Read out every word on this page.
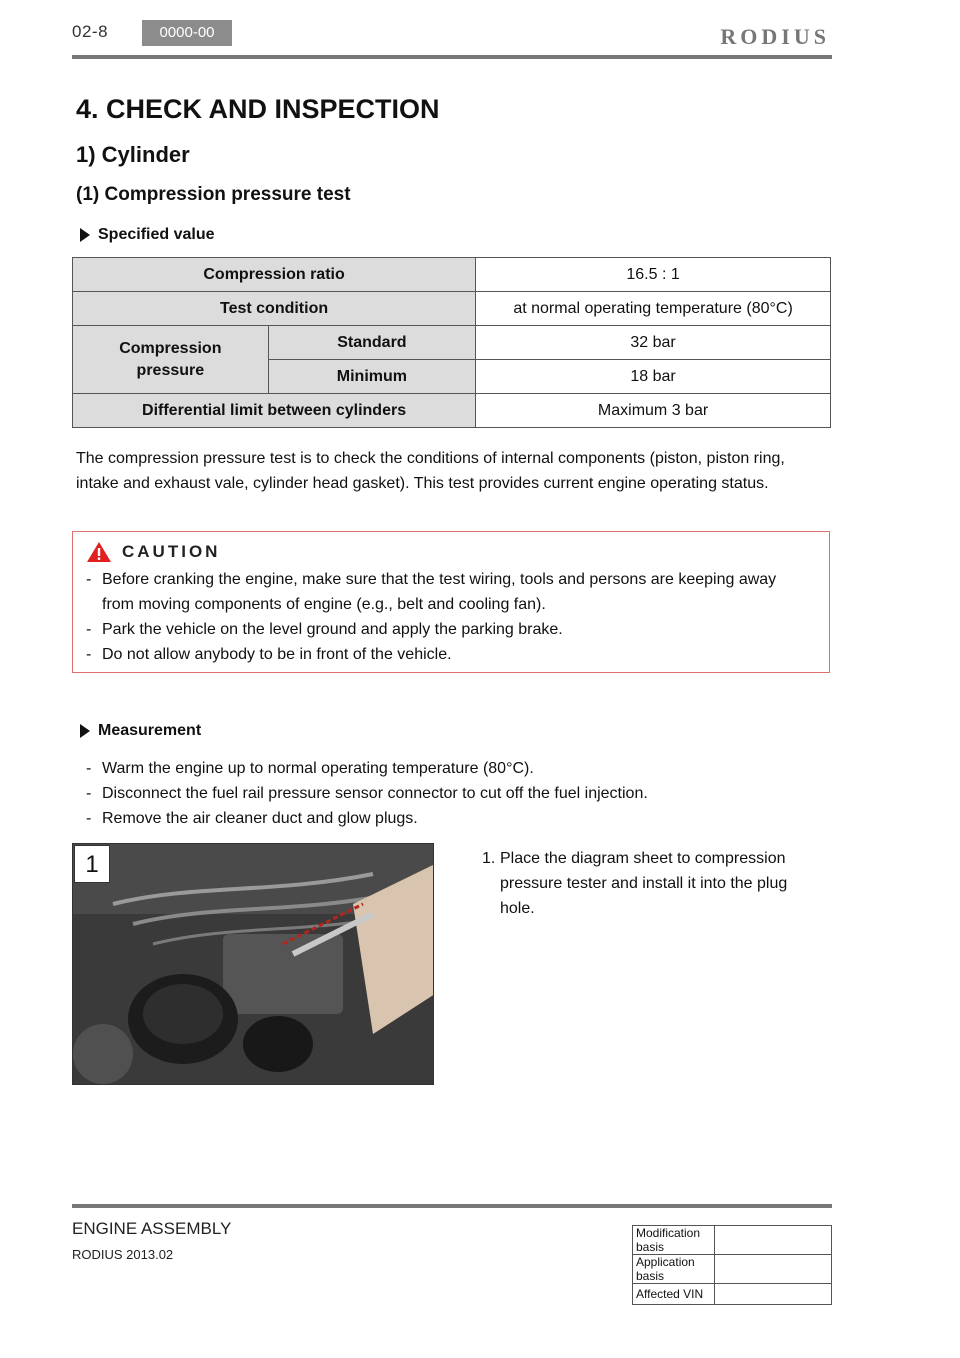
02-8	0000-00	RODIUS
4. CHECK AND INSPECTION
1) Cylinder
(1) Compression pressure test
Specified value
Compression ratio		16.5 : 1
Test condition		at normal operating temperature (80°C)

Compression pressure	Standard	32 bar
	Minimum	18 bar
Differential limit between cylinders		Maximum 3 bar
The compression pressure test is to check the conditions of internal components (piston, piston ring, intake and exhaust vale, cylinder head gasket). This test provides current engine operating status.
CAUTION
- Before cranking the engine, make sure that the test wiring, tools and persons are keeping away from moving components of engine (e.g., belt and cooling fan).
- Park the vehicle on the level ground and apply the parking brake.
- Do not allow anybody to be in front of the vehicle.
Measurement
- Warm the engine up to normal operating temperature (80°C).
- Disconnect the fuel rail pressure sensor connector to cut off the fuel injection.
- Remove the air cleaner duct and glow plugs.
1	1. Place the diagram sheet to compression pressure tester and install it into the plug hole.
ENGINE ASSEMBLY
RODIUS 2013.02
Modification basis	
Application basis	
Affected VIN	
